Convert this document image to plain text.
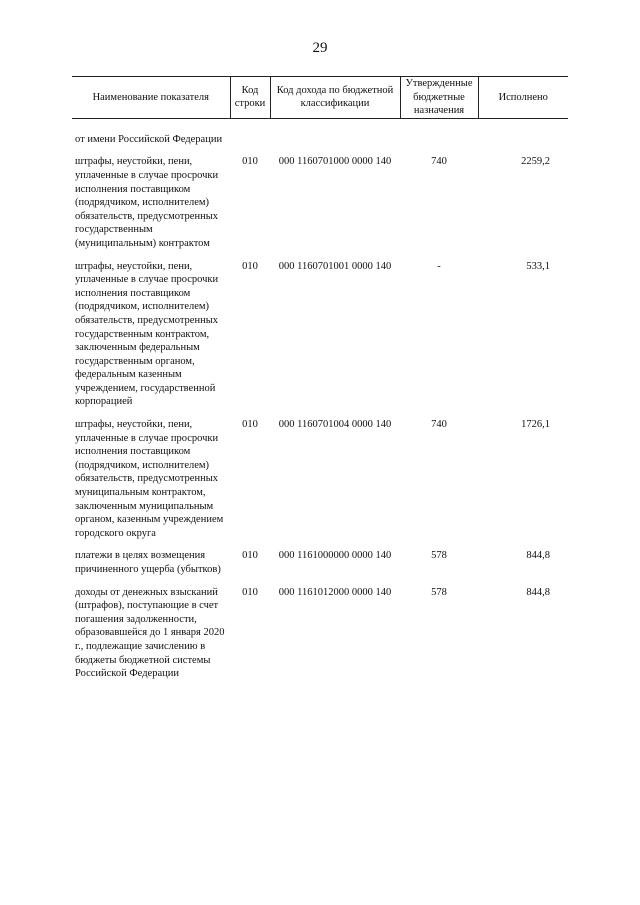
29
Наименование показателя	Код строки	Код дохода по бюджетной классификации	Утвержденные бюджетные назначения	Исполнено
от имени Российской Федерации				
штрафы, неустойки, пени, уплаченные в случае просрочки исполнения поставщиком (подрядчиком, исполнителем) обязательств, предусмотренных государственным (муниципальным) контрактом	010	000 1160701000 0000 140	740	2259,2
штрафы, неустойки, пени, уплаченные в случае просрочки исполнения поставщиком (подрядчиком, исполнителем) обязательств, предусмотренных государственным контрактом, заключенным федеральным государственным органом, федеральным казенным учреждением, государственной корпорацией	010	000 1160701001 0000 140	-	533,1
штрафы, неустойки, пени, уплаченные в случае просрочки исполнения поставщиком (подрядчиком, исполнителем) обязательств, предусмотренных муниципальным контрактом, заключенным муниципальным органом, казенным учреждением городского округа	010	000 1160701004 0000 140	740	1726,1
платежи в целях возмещения причиненного ущерба (убытков)	010	000 1161000000 0000 140	578	844,8
доходы от денежных взысканий (штрафов), поступающие в счет погашения задолженности, образовавшейся до 1 января 2020 г., подлежащие зачислению в бюджеты бюджетной системы Российской Федерации	010	000 1161012000 0000 140	578	844,8
